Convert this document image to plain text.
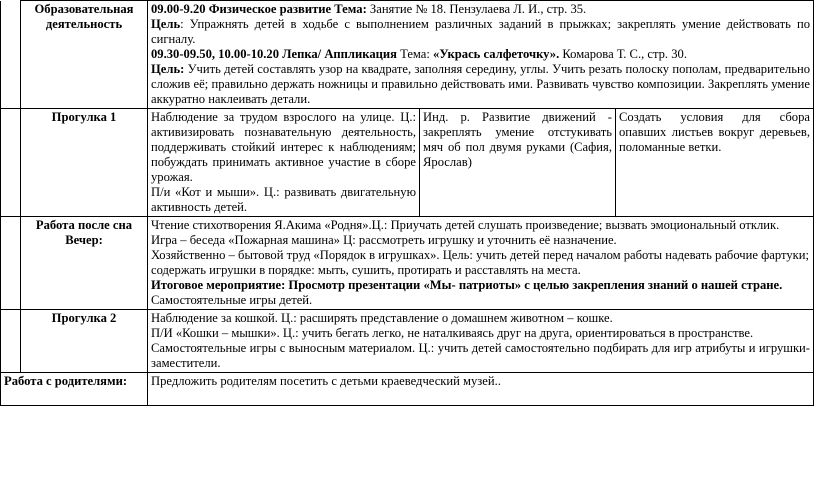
	Образовательная деятельность	09.00-9.20 Физическое развитие Тема: Занятие № 18. Пензулаева Л. И., стр. 35.

Цель: Упражнять детей в ходьбе с выполнением различных заданий в прыжках; закреплять умение действовать по сигналу.

09.30-09.50, 10.00-10.20 Лепка/ Аппликация Тема: «Укрась салфеточку». Комарова Т. С., стр. 30.

Цель: Учить детей составлять узор на квадрате, заполняя середину, углы. Учить резать полоску пополам, предварительно сложив её; правильно держать ножницы и правильно действовать ими. Развивать чувство композиции. Закреплять умение аккуратно наклеивать детали.		

	Прогулка 1	Наблюдение за трудом взрослого на улице. Ц.: активизировать познавательную деятельность, поддерживать стойкий интерес к наблюдениям; побуждать принимать активное участие в сборе урожая.

П/и «Кот и мыши». Ц.: развивать двигательную активность детей.	Инд. р. Развитие движений - закреплять умение отстукивать мяч об пол двумя руками (Сафия, Ярослав)	Создать условия для сбора опавших листьев вокруг деревьев, поломанные ветки.
	Работа после сна Вечер:	Чтение стихотворения Я.Акима «Родня».Ц.: Приучать детей слушать произведение; вызвать эмоциональный отклик.

Игра – беседа «Пожарная машина» Ц: рассмотреть игрушку и уточнить её назначение.

Хозяйственно – бытовой труд «Порядок в игрушках». Цель: учить детей перед началом работы надевать рабочие фартуки; содержать игрушки в порядке: мыть, сушить, протирать и расставлять на места.

Итоговое мероприятие: Просмотр презентации «Мы- патриоты» с целью закрепления знаний о нашей стране.

Самостоятельные игры детей.		

	Прогулка 2	Наблюдение за кошкой. Ц.: расширять представление о домашнем животном – кошке.

П/И «Кошки – мышки». Ц.: учить бегать легко, не наталкиваясь друг на друга, ориентироваться в пространстве.

Самостоятельные игры с выносным материалом. Ц.: учить детей самостоятельно подбирать для игр атрибуты и игрушки-заместители.		

Работа с родителями:		Предложить родителям посетить с детьми краеведческий музей..		
